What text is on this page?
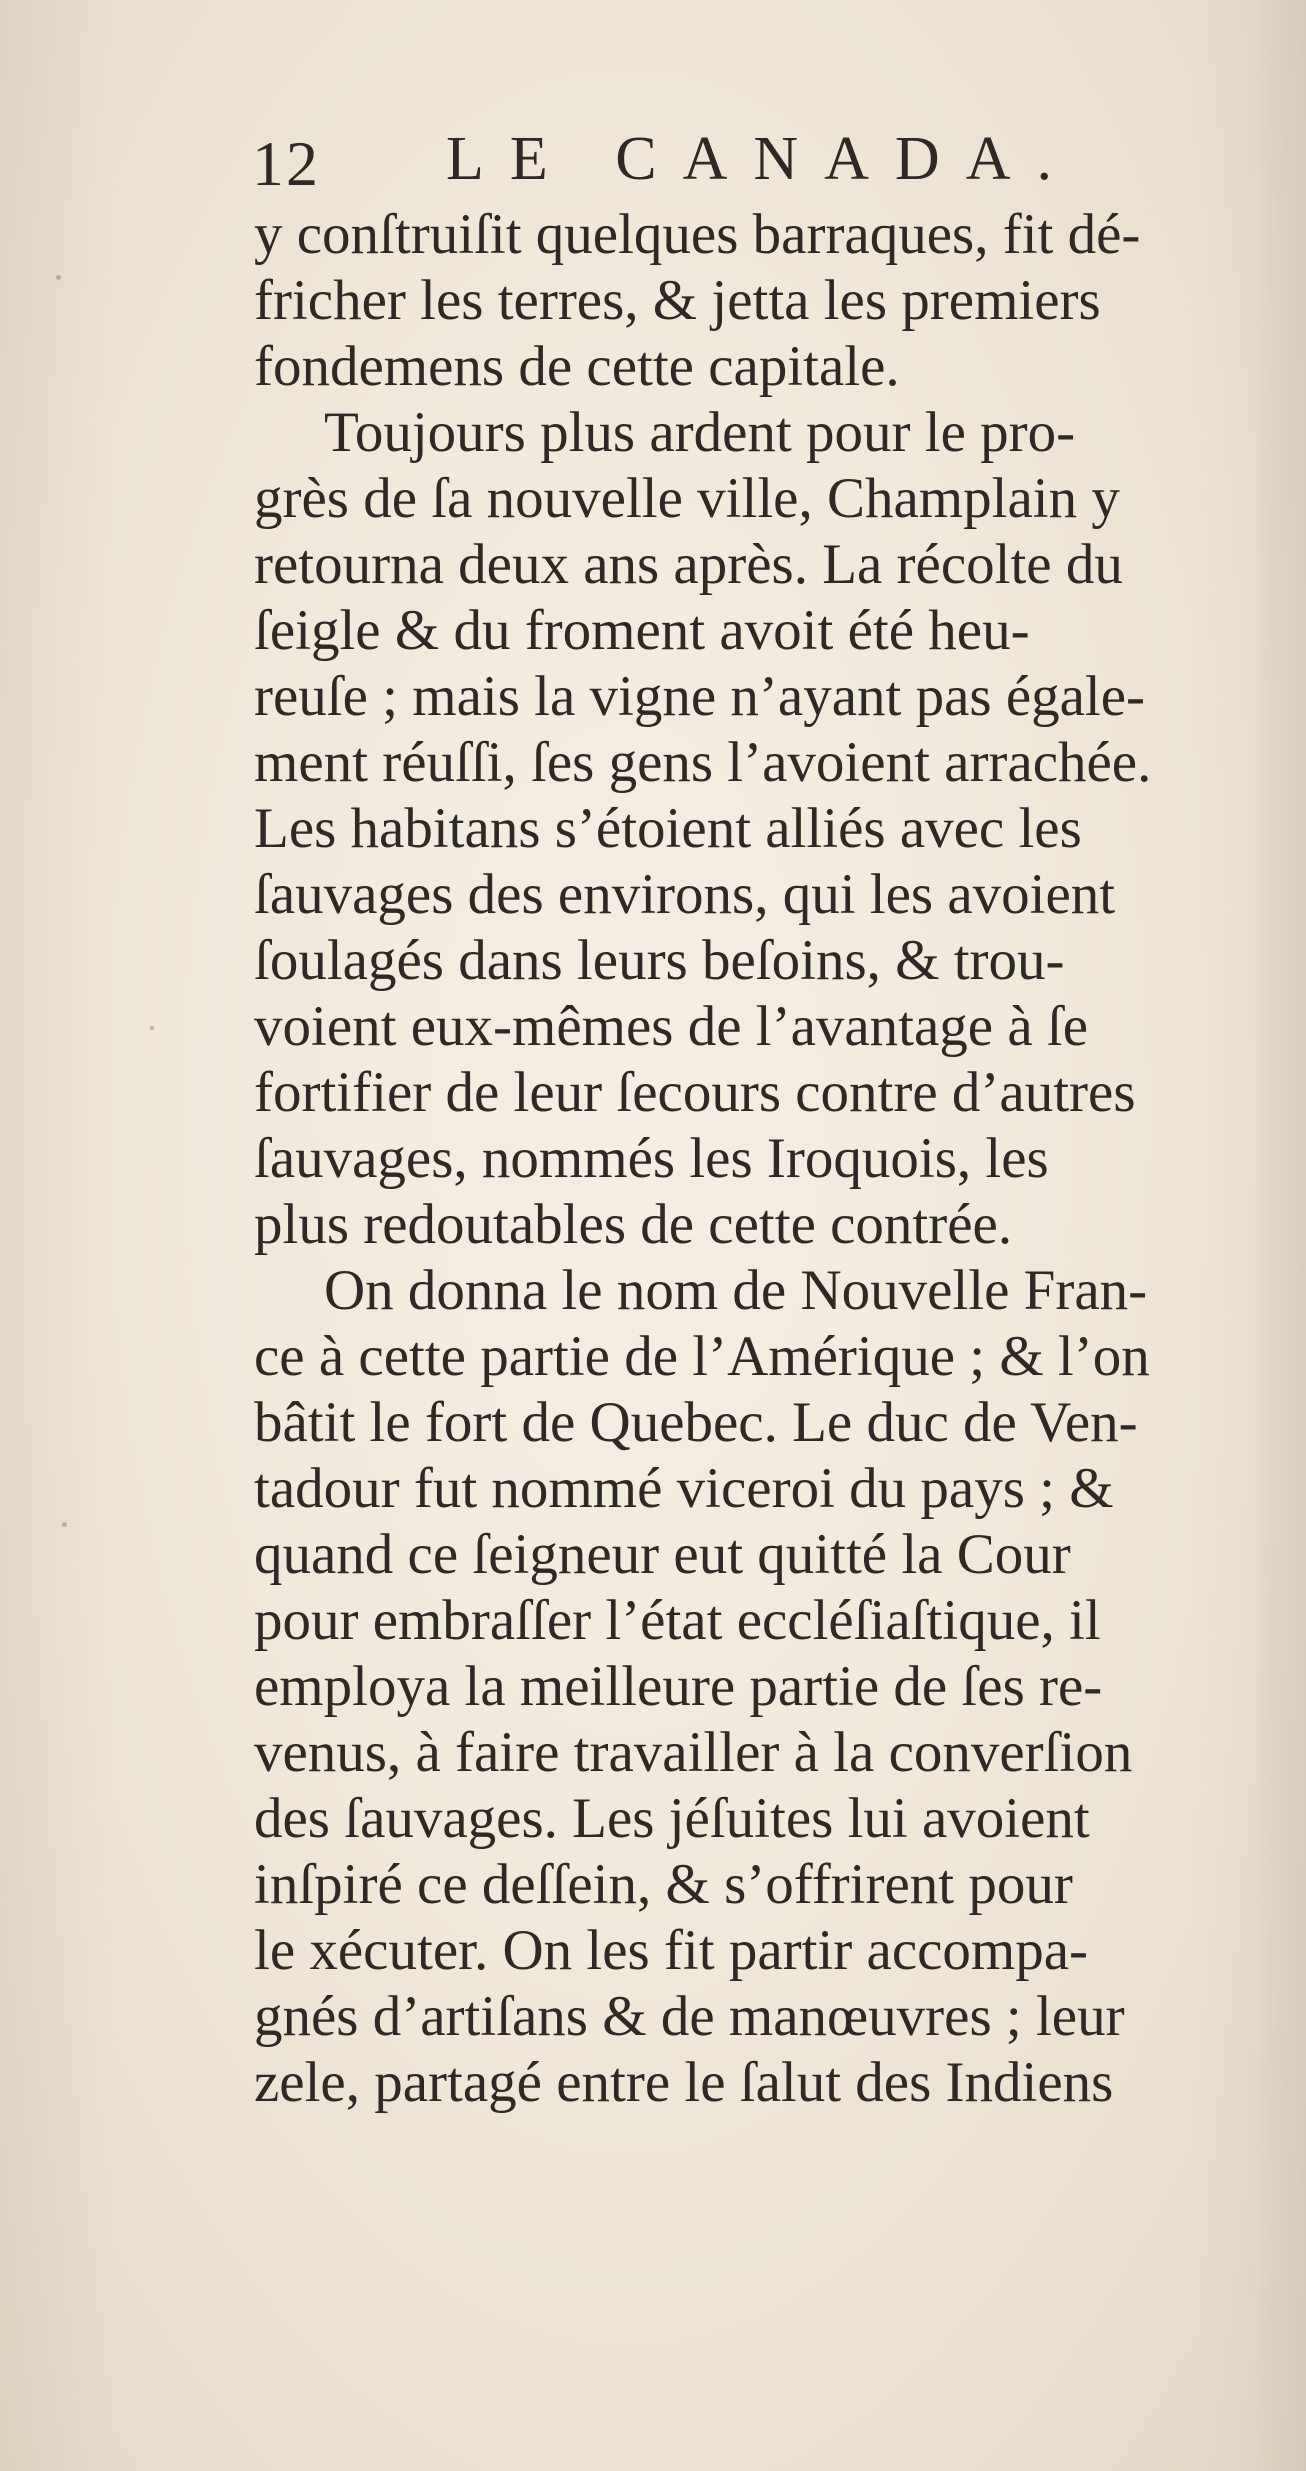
12 LE CANADA.
y conſtruiſit quelques barraques, fit dé-
fricher les terres, & jetta les premiers
fondemens de cette capitale.
Toujours plus ardent pour le pro-
grès de ſa nouvelle ville, Champlain y
retourna deux ans après. La récolte du
ſeigle & du froment avoit été heu-
reuſe ; mais la vigne n’ayant pas égale-
ment réuſſi, ſes gens l’avoient arrachée.
Les habitans s’étoient alliés avec les
ſauvages des environs, qui les avoient
ſoulagés dans leurs beſoins, & trou-
voient eux-mêmes de l’avantage à ſe
fortifier de leur ſecours contre d’autres
ſauvages, nommés les Iroquois, les
plus redoutables de cette contrée.
On donna le nom de Nouvelle Fran-
ce à cette partie de l’Amérique ; & l’on
bâtit le fort de Quebec. Le duc de Ven-
tadour fut nommé viceroi du pays ; &
quand ce ſeigneur eut quitté la Cour
pour embraſſer l’état eccléſiaſtique, il
employa la meilleure partie de ſes re-
venus, à faire travailler à la converſion
des ſauvages. Les jéſuites lui avoient
inſpiré ce deſſein, & s’offrirent pour
le xécuter. On les fit partir accompa-
gnés d’artiſans & de manœuvres ; leur
zele, partagé entre le ſalut des Indiens
